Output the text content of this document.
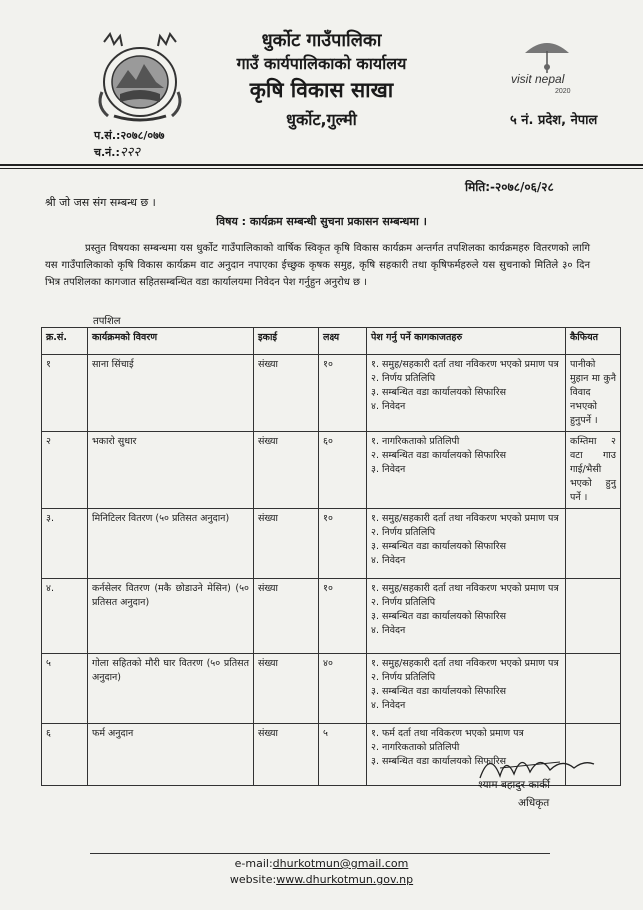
धुर्कोट गाउँपालिका
गाउँ कार्यपालिकाको कार्यालय
कृषि विकास साखा
धुर्कोट,गुल्मी
visit nepal
2020
५ नं. प्रदेश, नेपाल
प.सं.:२०७८/०७७
च.नं.:२२२
मिति:-२०७८/०६/२८
श्री जो जस संग सम्बन्ध छ ।
विषय : कार्यक्रम सम्बन्धी सुचना प्रकासन सम्बन्धमा ।
प्रस्तुत विषयका सम्बन्धमा यस धुर्कोट गाउँपालिकाको वार्षिक स्विकृत कृषि विकास कार्यक्रम अन्तर्गत तपशिलका कार्यक्रमहरु वितरणको लागि यस गाउँपालिकाको कृषि विकास कार्यक्रम वाट अनुदान नपाएका ईच्छुक कृषक समुह, कृषि सहकारी तथा कृषिफर्महरुले यस सुचनाको मितिले ३० दिन भित्र तपशिलका कागजात सहितसम्बन्धित वडा कार्यालयमा निवेदन पेश गर्नुहुन अनुरोध छ ।
तपशिल
क्र.सं.	कार्यक्रमको विवरण	इकाई	लक्ष्य	पेश गर्नु पर्ने कागकाजतहरु	कैफियत
१	साना सिंचाई	संख्या	१०	१. समुह/सहकारी दर्ता तथा नविकरण भएको प्रमाण पत्र
२. निर्णय प्रतिलिपि
३. सम्बन्धित वडा कार्यालयको सिफारिस
४. निवेदन	पानीको मुहान मा कुनै विवाद नभएको हुनुपर्ने ।
२	भकारो सुधार	संख्या	६०	१. नागरिकताको प्रतिलिपी
२. सम्बन्धित वडा कार्यालयको सिफारिस
३. निवेदन	कम्तिमा २ वटा गाउ गाई/भैसी भएको हुनु पर्ने ।
३.	मिनिटिलर वितरण (५० प्रतिसत अनुदान)	संख्या	१०	१. समुह/सहकारी दर्ता तथा नविकरण भएको प्रमाण पत्र
२. निर्णय प्रतिलिपि
३. सम्बन्धित वडा कार्यालयको सिफारिस
४. निवेदन	

४.	कर्नसेलर वितरण (मकै छोडाउने मेसिन) (५० प्रतिसत अनुदान)	संख्या	१०	१. समुह/सहकारी दर्ता तथा नविकरण भएको प्रमाण पत्र
२. निर्णय प्रतिलिपि
३. सम्बन्धित वडा कार्यालयको सिफारिस
४. निवेदन	

५	गोला सहितको मौरी घार वितरण (५० प्रतिसत अनुदान)	संख्या	४०	१. समुह/सहकारी दर्ता तथा नविकरण भएको प्रमाण पत्र
२. निर्णय प्रतिलिपि
३. सम्बन्धित वडा कार्यालयको सिफारिस
४. निवेदन	

६	फर्म अनुदान	संख्या	५	१. फर्म दर्ता तथा नविकरण भएको प्रमाण पत्र
२. नागरिकताको प्रतिलिपी
३. सम्बन्धित वडा कार्यालयको सिफारिस	

श्याम बहादुर कार्की
अधिकृत
e-mail:dhurkotmun@gmail.com
website:www.dhurkotmun.gov.np
